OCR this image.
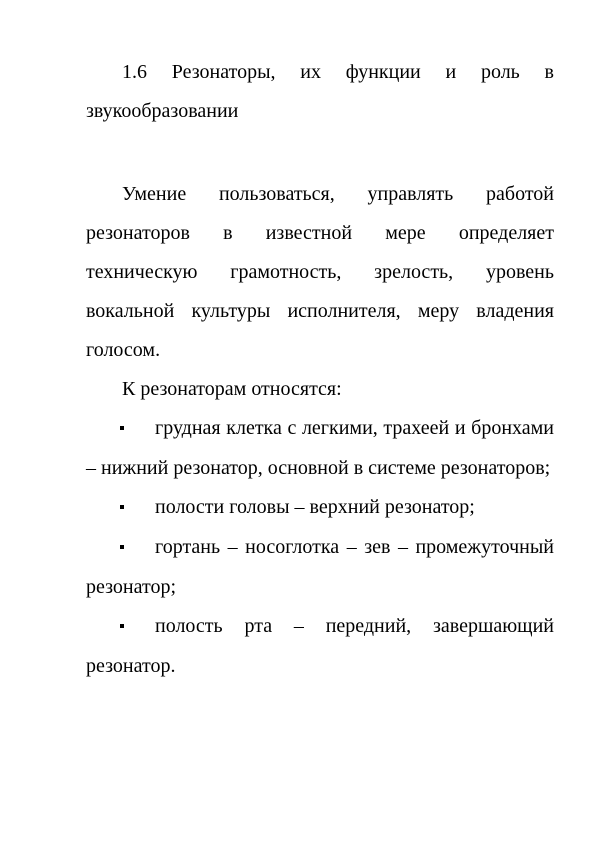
1.6 Резонаторы, их функции и роль в звукообразовании

Умение пользоваться, управлять работой резонаторов в известной мере определяет техническую грамотность, зрелость, уровень вокальной культуры исполнителя, меру владения голосом.

К резонаторам относятся:

грудная клетка с легкими, трахеей и бронхами – нижний резонатор, основной в системе резонаторов;
полости головы – верхний резонатор;
гортань – носоглотка – зев – промежуточный резонатор;
полость рта – передний, завершающий резонатор.
